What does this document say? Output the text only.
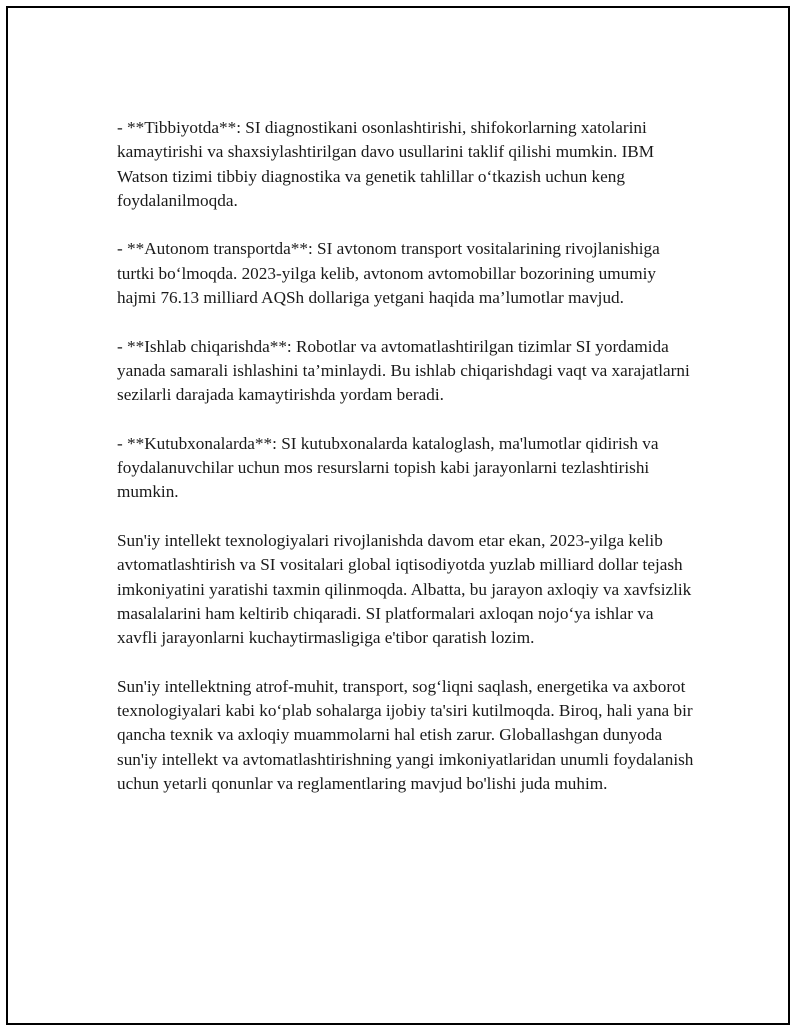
- **Tibbiyotda**: SI diagnostikani osonlashtirishi, shifokorlarning xatolarini kamaytirishi va shaxsiylashtirilgan davo usullarini taklif qilishi mumkin. IBM Watson tizimi tibbiy diagnostika va genetik tahlillar o‘tkazish uchun keng foydalanilmoqda.

- **Autonom transportda**: SI avtonom transport vositalarining rivojlanishiga turtki bo‘lmoqda. 2023-yilga kelib, avtonom avtomobillar bozorining umumiy hajmi 76.13 milliard AQSh dollariga yetgani haqida ma’lumotlar mavjud.

- **Ishlab chiqarishda**: Robotlar va avtomatlashtirilgan tizimlar SI yordamida yanada samarali ishlashini ta’minlaydi. Bu ishlab chiqarishdagi vaqt va xarajatlarni sezilarli darajada kamaytirishda yordam beradi.

- **Kutubxonalarda**: SI kutubxonalarda kataloglash, ma'lumotlar qidirish va foydalanuvchilar uchun mos resurslarni topish kabi jarayonlarni tezlashtirishi mumkin.

Sun'iy intellekt texnologiyalari rivojlanishda davom etar ekan, 2023-yilga kelib avtomatlashtirish va SI vositalari global iqtisodiyotda yuzlab milliard dollar tejash imkoniyatini yaratishi taxmin qilinmoqda. Albatta, bu jarayon axloqiy va xavfsizlik masalalarini ham keltirib chiqaradi. SI platformalari axloqan nojo‘ya ishlar va xavfli jarayonlarni kuchaytirmasligiga e'tibor qaratish lozim.

Sun'iy intellektning atrof-muhit, transport, sog‘liqni saqlash, energetika va axborot texnologiyalari kabi ko‘plab sohalarga ijobiy ta'siri kutilmoqda. Biroq, hali yana bir qancha texnik va axloqiy muammolarni hal etish zarur. Globallashgan dunyoda sun'iy intellekt va avtomatlashtirishning yangi imkoniyatlaridan unumli foydalanish uchun yetarli qonunlar va reglamentlaring mavjud bo'lishi juda muhim.
